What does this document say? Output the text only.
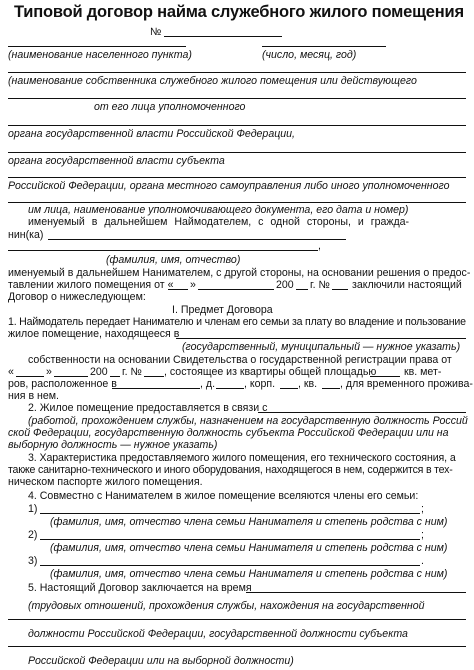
Типовой договор найма служебного жилого помещения
№
(наименование населенного пункта)	(число, месяц, год)
(наименование собственника служебного жилого помещения или действующего
от его лица уполномоченного
органа государственной власти Российской Федерации,
органа государственной власти субъекта
Российской Федерации, органа местного самоуправления либо иного уполномоченного
им лица, наименование уполномочивающего документа, его дата и номер)
именуемый в дальнейшем Наймодателем, с одной стороны, и гражда-
нин(ка)
,
(фамилия, имя, отчество)
именуемый в дальнейшем Нанимателем, с другой стороны, на основании решения о предос-
тавлении жилого помещения от « »	200 г. № заключили настоящий
Договор о нижеследующем:
I. Предмет Договора
1. Наймодатель передает Нанимателю и членам его семьи за плату во владение и пользование
жилое помещение, находящееся в
(государственный, муниципальный — нужное указать)
собственности на основании Свидетельства о государственной регистрации права от
«	»	200 г. № , состоящее из квартиры общей площадью	кв. мет-
ров, расположенное в	, д.	, корп. , кв. , для временного прожива-
ния в нем.
2. Жилое помещение предоставляется в связи с
(работой, прохождением службы, назначением на государственную должность Россий
ской Федерации, государственную должность субъекта Российской Федерации или на
выборную должность — нужное указать)
3. Характеристика предоставляемого жилого помещения, его технического состояния, а
также санитарно-технического и иного оборудования, находящегося в нем, содержится в тех-
ническом паспорте жилого помещения.
4. Совместно с Нанимателем в жилое помещение вселяются члены его семьи:
1)	;
(фамилия, имя, отчество члена семьи Нанимателя и степень родства с ним)
2)	;
(фамилия, имя, отчество члена семьи Нанимателя и степень родства с ним)
3)	.
(фамилия, имя, отчество члена семьи Нанимателя и степень родства с ним)
5. Настоящий Договор заключается на время
(трудовых отношений, прохождения службы, нахождения на государственной
должности Российской Федерации, государственной должности субъекта
Российской Федерации или на выборной должности)
